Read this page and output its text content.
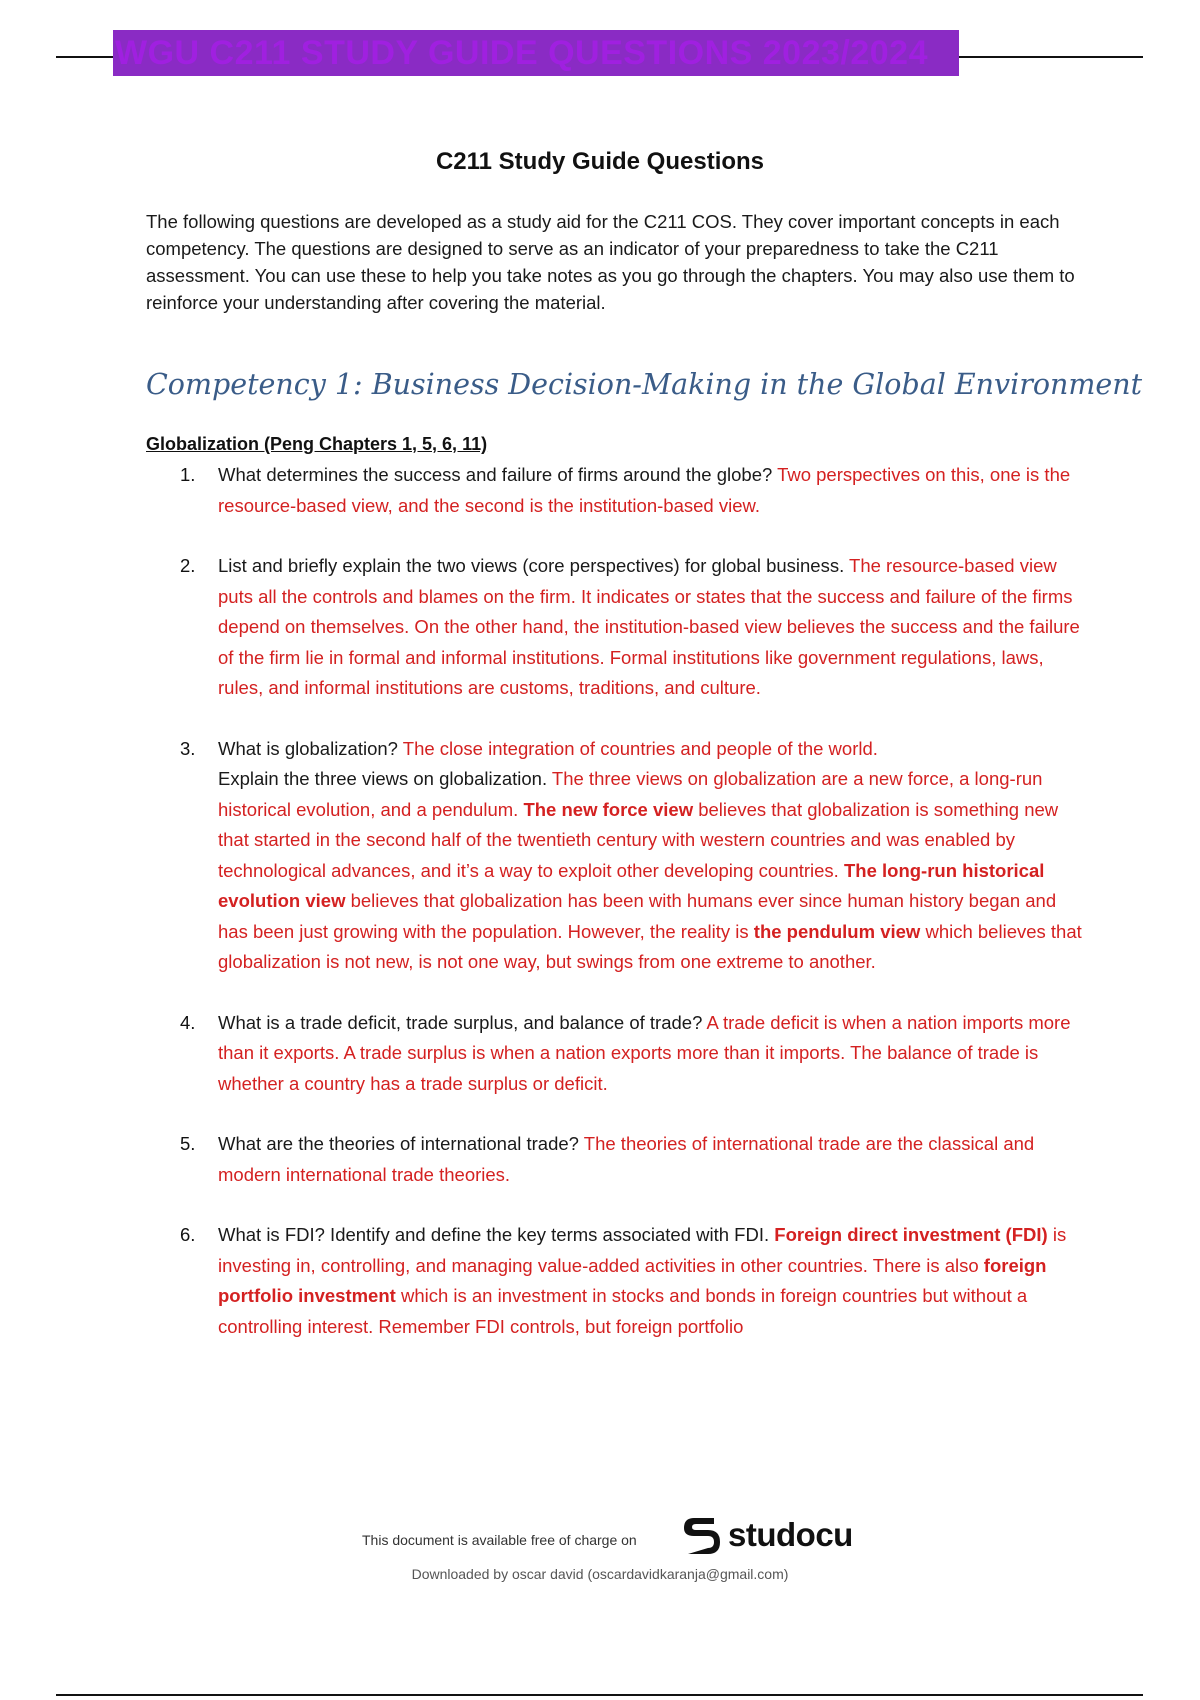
WGU C211 STUDY GUIDE QUESTIONS 2023/2024
C211 Study Guide Questions
The following questions are developed as a study aid for the C211 COS. They cover important concepts in each competency. The questions are designed to serve as an indicator of your preparedness to take the C211 assessment. You can use these to help you take notes as you go through the chapters. You may also use them to reinforce your understanding after covering the material.
Competency 1: Business Decision-Making in the Global Environment
Globalization (Peng Chapters 1, 5, 6, 11)
1.	What determines the success and failure of firms around the globe? Two perspectives on this, one is the resource-based view, and the second is the institution-based view.
2.	List and briefly explain the two views (core perspectives) for global business. The resource-based view puts all the controls and blames on the firm. It indicates or states that the success and failure of the firms depend on themselves. On the other hand, the institution-based view believes the success and the failure of the firm lie in formal and informal institutions. Formal institutions like government regulations, laws, rules, and informal institutions are customs, traditions, and culture.
3.	What is globalization? The close integration of countries and people of the world.
Explain the three views on globalization. The three views on globalization are a new force, a long-run historical evolution, and a pendulum. The new force view believes that globalization is something new that started in the second half of the twentieth century with western countries and was enabled by technological advances, and it’s a way to exploit other developing countries. The long-run historical evolution view believes that globalization has been with humans ever since human history began and has been just growing with the population. However, the reality is the pendulum view which believes that globalization is not new, is not one way, but swings from one extreme to another.
4.	What is a trade deficit, trade surplus, and balance of trade? A trade deficit is when a nation imports more than it exports. A trade surplus is when a nation exports more than it imports. The balance of trade is whether a country has a trade surplus or deficit.
5.	What are the theories of international trade? The theories of international trade are the classical and modern international trade theories.
6.	What is FDI? Identify and define the key terms associated with FDI. Foreign direct investment (FDI) is investing in, controlling, and managing value-added activities in other countries. There is also foreign portfolio investment which is an investment in stocks and bonds in foreign countries but without a controlling interest. Remember FDI controls, but foreign portfolio
This document is available free of charge on	studocu
Downloaded by oscar david (oscardavidkaranja@gmail.com)
